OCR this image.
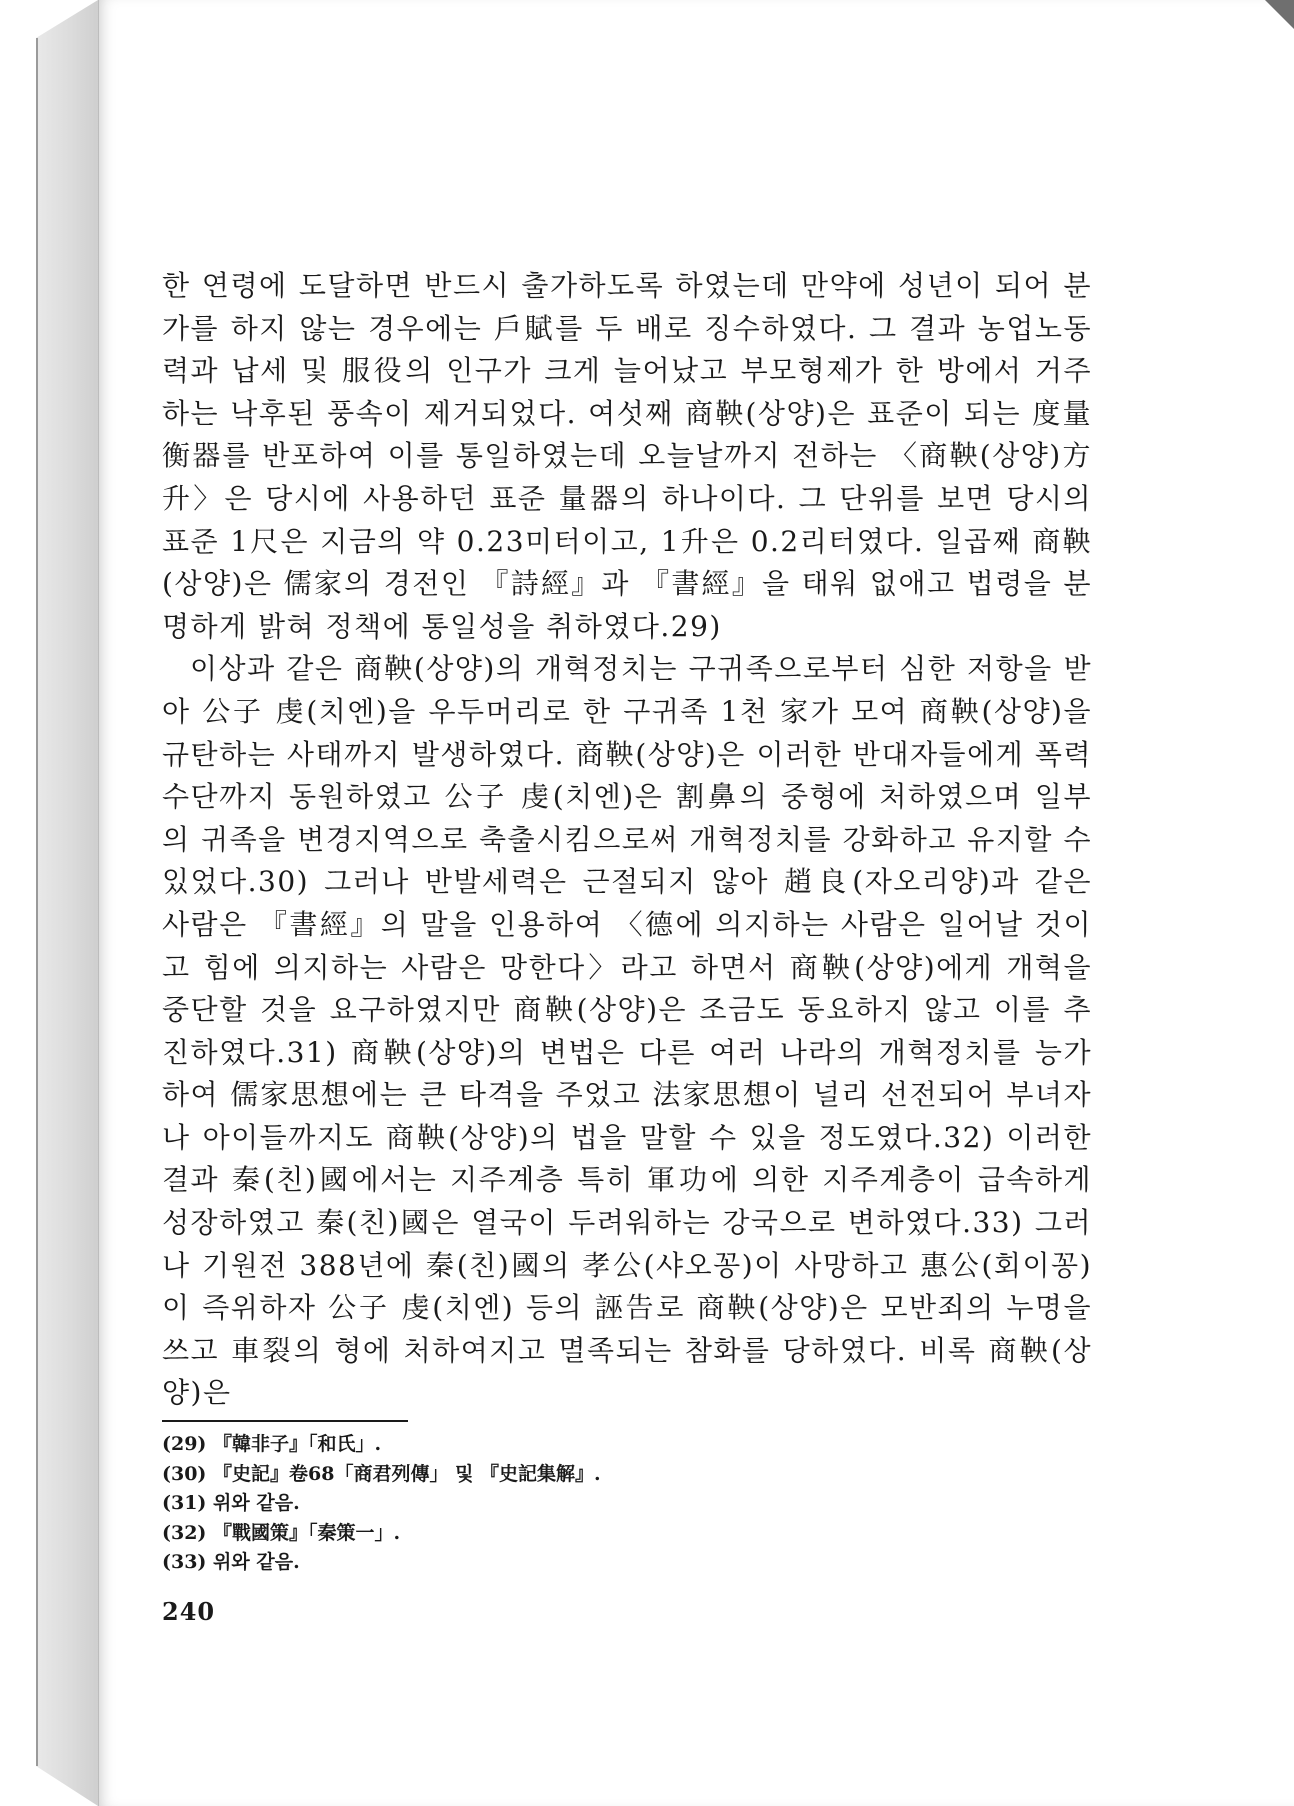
한 연령에 도달하면 반드시 출가하도록 하였는데 만약에 성년이 되어 분가를 하지 않는 경우에는 戶賦를 두 배로 징수하였다. 그 결과 농업노동력과 납세 및 服役의 인구가 크게 늘어났고 부모형제가 한 방에서 거주하는 낙후된 풍속이 제거되었다. 여섯째 商鞅(상양)은 표준이 되는 度量衡器를 반포하여 이를 통일하였는데 오늘날까지 전하는 〈商鞅(상양)方升〉은 당시에 사용하던 표준 量器의 하나이다. 그 단위를 보면 당시의 표준 1尺은 지금의 약 0.23미터이고, 1升은 0.2리터였다. 일곱째 商鞅(상양)은 儒家의 경전인 『詩經』과 『書經』을 태워 없애고 법령을 분명하게 밝혀 정책에 통일성을 취하였다.29)

이상과 같은 商鞅(상양)의 개혁정치는 구귀족으로부터 심한 저항을 받아 公子 虔(치엔)을 우두머리로 한 구귀족 1천 家가 모여 商鞅(상양)을 규탄하는 사태까지 발생하였다. 商鞅(상양)은 이러한 반대자들에게 폭력수단까지 동원하였고 公子 虔(치엔)은 割鼻의 중형에 처하였으며 일부의 귀족을 변경지역으로 축출시킴으로써 개혁정치를 강화하고 유지할 수 있었다.30) 그러나 반발세력은 근절되지 않아 趙良(자오리양)과 같은 사람은 『書經』의 말을 인용하여 〈德에 의지하는 사람은 일어날 것이고 힘에 의지하는 사람은 망한다〉라고 하면서 商鞅(상양)에게 개혁을 중단할 것을 요구하였지만 商鞅(상양)은 조금도 동요하지 않고 이를 추진하였다.31) 商鞅(상양)의 변법은 다른 여러 나라의 개혁정치를 능가하여 儒家思想에는 큰 타격을 주었고 法家思想이 널리 선전되어 부녀자나 아이들까지도 商鞅(상양)의 법을 말할 수 있을 정도였다.32) 이러한 결과 秦(친)國에서는 지주계층 특히 軍功에 의한 지주계층이 급속하게 성장하였고 秦(친)國은 열국이 두려워하는 강국으로 변하였다.33) 그러나 기원전 388년에 秦(친)國의 孝公(샤오꽁)이 사망하고 惠公(회이꽁)이 즉위하자 公子 虔(치엔) 등의 誣告로 商鞅(상양)은 모반죄의 누명을 쓰고 車裂의 형에 처하여지고 멸족되는 참화를 당하였다. 비록 商鞅(상양)은

(29) 『韓非子』「和氏」.
(30) 『史記』卷68「商君列傳」 및 『史記集解』.
(31) 위와 같음.
(32) 『戰國策』「秦策一」.
(33) 위와 같음.
240
